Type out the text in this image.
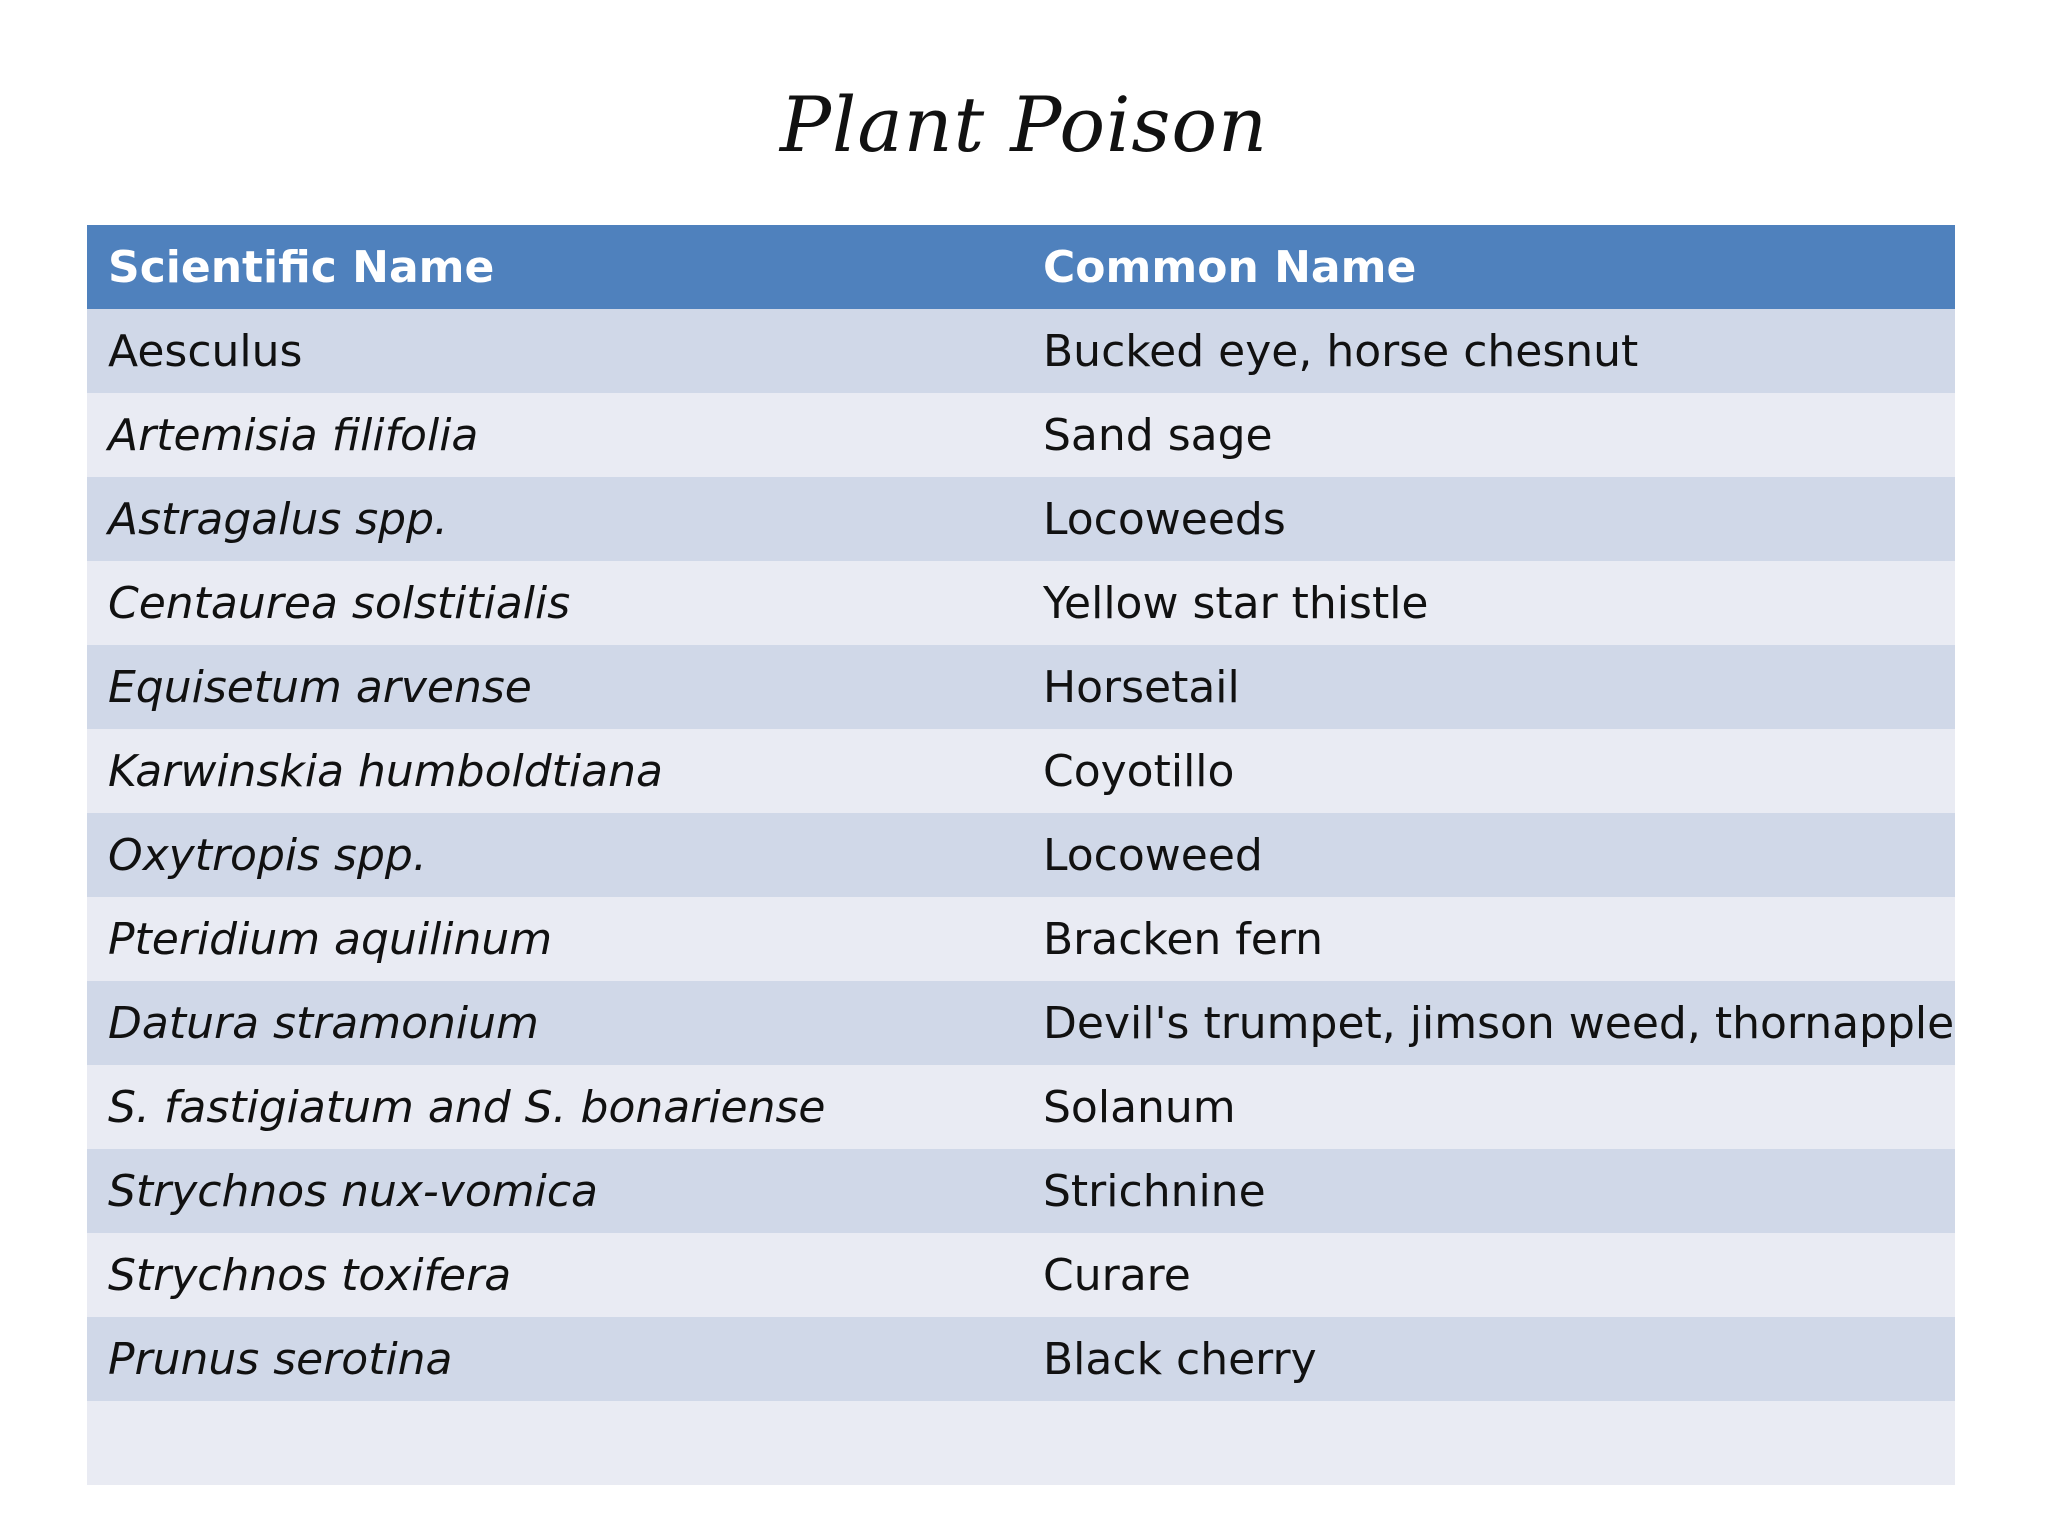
Plant Poison
Scientific Name	Common Name
Aesculus	Bucked eye, horse chesnut
Artemisia filifolia	Sand sage
Astragalus spp.	Locoweeds
Centaurea solstitialis	Yellow star thistle
Equisetum arvense	Horsetail
Karwinskia humboldtiana	Coyotillo
Oxytropis spp.	Locoweed
Pteridium aquilinum	Bracken fern
Datura stramonium	Devil's trumpet, jimson weed, thornapple
S. fastigiatum and S. bonariense	Solanum
Strychnos nux-vomica	Strichnine
Strychnos toxifera	Curare
Prunus serotina	Black cherry
